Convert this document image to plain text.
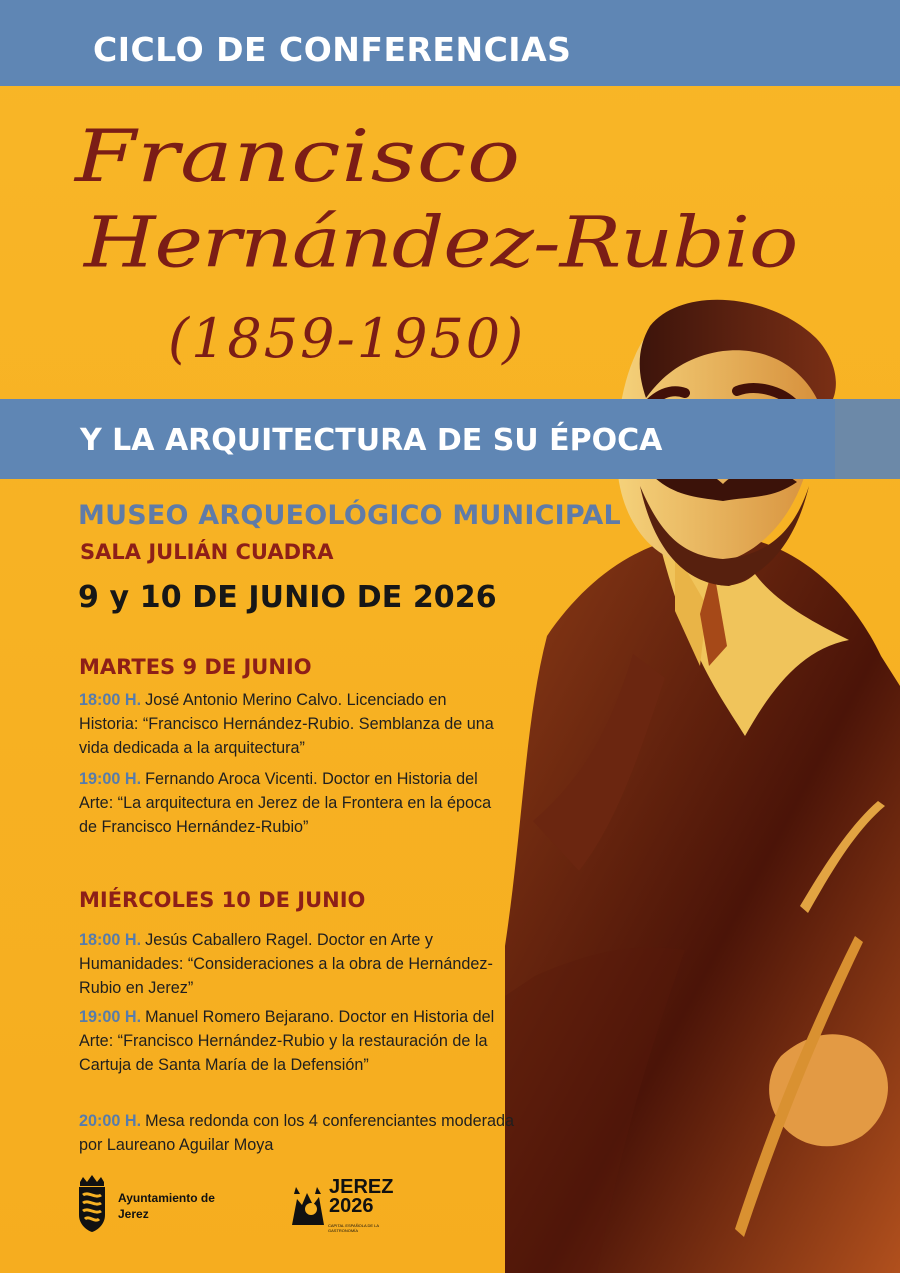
CICLO DE CONFERENCIAS
Francisco
Hernández-Rubio
(1859-1950)
Y LA ARQUITECTURA DE SU ÉPOCA
MUSEO ARQUEOLÓGICO MUNICIPAL
SALA JULIÁN CUADRA
9 y 10 DE JUNIO DE 2026
MARTES 9 DE JUNIO
18:00 H. José Antonio Merino Calvo. Licenciado en Historia: “Francisco Hernández-Rubio. Semblanza de una vida dedicada a la arquitectura”
19:00 H. Fernando Aroca Vicenti. Doctor en Historia del Arte: “La arquitectura en Jerez de la Frontera en la época de Francisco Hernández-Rubio”
MIÉRCOLES 10 DE JUNIO
18:00 H. Jesús Caballero Ragel. Doctor en Arte y Humanidades: “Consideraciones a la obra de Hernández-Rubio en Jerez”
19:00 H. Manuel Romero Bejarano. Doctor en Historia del Arte: “Francisco Hernández-Rubio y la restauración de la Cartuja de Santa María de la Defensión”
20:00 H. Mesa redonda con los 4 conferenciantes moderada por Laureano Aguilar Moya
Ayuntamiento de Jerez
JEREZ
2026
CAPITAL ESPAÑOLA DE LA GASTRONOMÍA
